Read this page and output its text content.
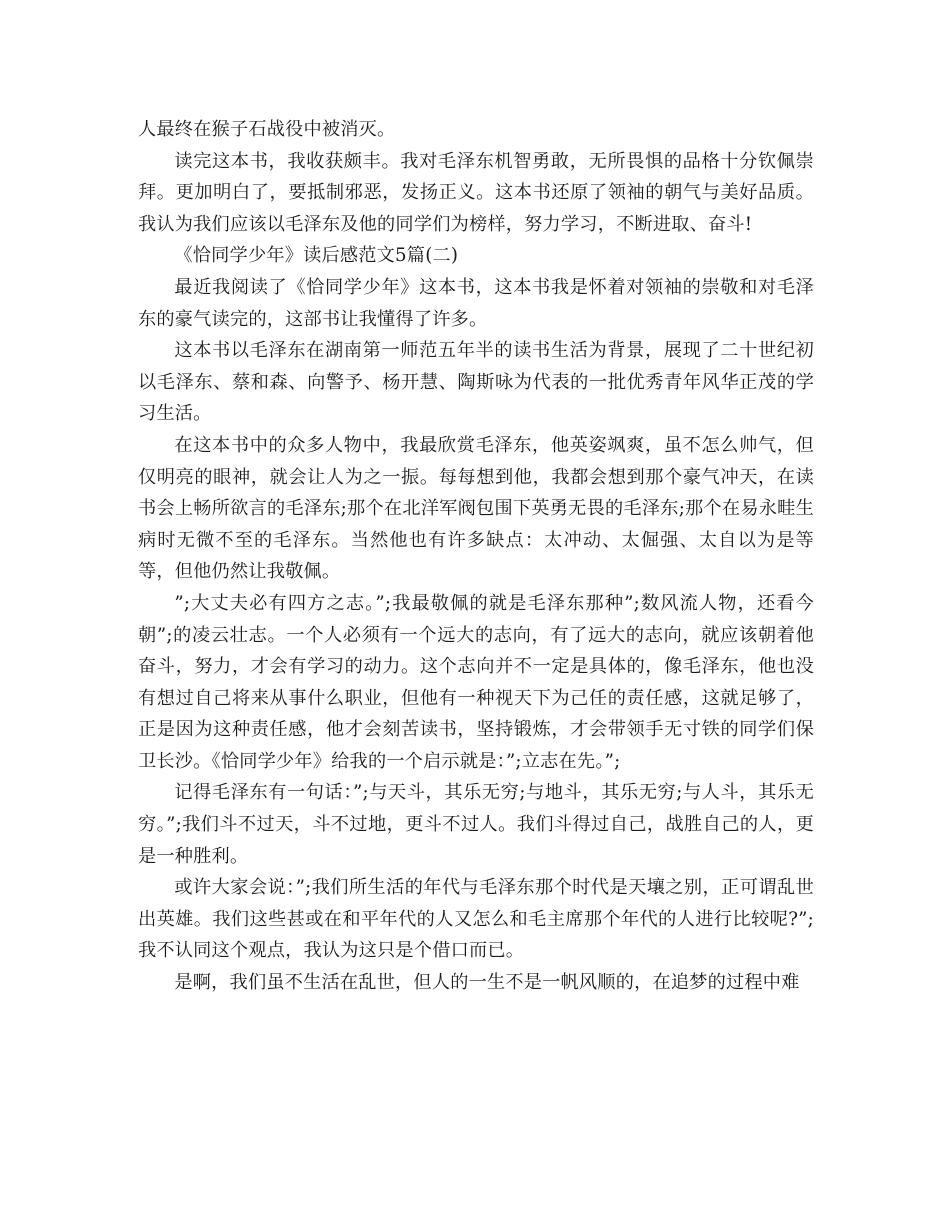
人最终在猴子石战役中被消灭。

读完这本书，我收获颇丰。我对毛泽东机智勇敢，无所畏惧的品格十分钦佩崇拜。更加明白了，要抵制邪恶，发扬正义。这本书还原了领袖的朝气与美好品质。我认为我们应该以毛泽东及他的同学们为榜样，努力学习，不断进取、奋斗!

《恰同学少年》读后感范文5篇(二)

最近我阅读了《恰同学少年》这本书，这本书我是怀着对领袖的崇敬和对毛泽东的豪气读完的，这部书让我懂得了许多。

这本书以毛泽东在湖南第一师范五年半的读书生活为背景，展现了二十世纪初以毛泽东、蔡和森、向警予、杨开慧、陶斯咏为代表的一批优秀青年风华正茂的学习生活。

在这本书中的众多人物中，我最欣赏毛泽东，他英姿飒爽，虽不怎么帅气，但仅明亮的眼神，就会让人为之一振。每每想到他，我都会想到那个豪气冲天，在读书会上畅所欲言的毛泽东;那个在北洋军阀包围下英勇无畏的毛泽东;那个在易永畦生病时无微不至的毛泽东。当然他也有许多缺点：太冲动、太倔强、太自以为是等等，但他仍然让我敬佩。

”;大丈夫必有四方之志。”;我最敬佩的就是毛泽东那种”;数风流人物，还看今朝”;的凌云壮志。一个人必须有一个远大的志向，有了远大的志向，就应该朝着他奋斗，努力，才会有学习的动力。这个志向并不一定是具体的，像毛泽东，他也没有想过自己将来从事什么职业，但他有一种视天下为己任的责任感，这就足够了，正是因为这种责任感，他才会刻苦读书，坚持锻炼，才会带领手无寸铁的同学们保卫长沙。《恰同学少年》给我的一个启示就是：”;立志在先。”;

记得毛泽东有一句话：”;与天斗，其乐无穷;与地斗，其乐无穷;与人斗，其乐无穷。”;我们斗不过天，斗不过地，更斗不过人。我们斗得过自己，战胜自己的人，更是一种胜利。

或许大家会说：”;我们所生活的年代与毛泽东那个时代是天壤之别，正可谓乱世出英雄。我们这些甚或在和平年代的人又怎么和毛主席那个年代的人进行比较呢?”;我不认同这个观点，我认为这只是个借口而已。

是啊，我们虽不生活在乱世，但人的一生不是一帆风顺的，在追梦的过程中难
